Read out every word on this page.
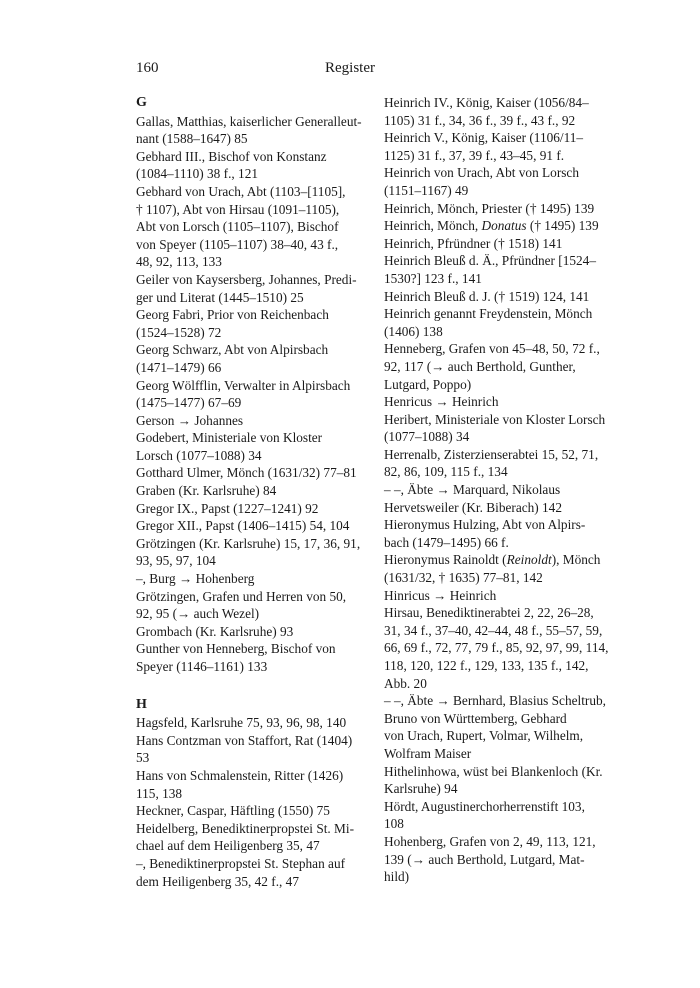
160	Register
G
Gallas, Matthias, kaiserlicher Generalleut-
nant (1588–1647) 85
Gebhard III., Bischof von Konstanz
(1084–1110) 38 f., 121
Gebhard von Urach, Abt (1103–[1105],
† 1107), Abt von Hirsau (1091–1105),
Abt von Lorsch (1105–1107), Bischof
von Speyer (1105–1107) 38–40, 43 f.,
48, 92, 113, 133
Geiler von Kaysersberg, Johannes, Predi-
ger und Literat (1445–1510) 25
Georg Fabri, Prior von Reichenbach
(1524–1528) 72
Georg Schwarz, Abt von Alpirsbach
(1471–1479) 66
Georg Wölfflin, Verwalter in Alpirsbach
(1475–1477) 67–69
Gerson → Johannes
Godebert, Ministeriale von Kloster
Lorsch (1077–1088) 34
Gotthard Ulmer, Mönch (1631/32) 77–81
Graben (Kr. Karlsruhe) 84
Gregor IX., Papst (1227–1241) 92
Gregor XII., Papst (1406–1415) 54, 104
Grötzingen (Kr. Karlsruhe) 15, 17, 36, 91,
93, 95, 97, 104
–, Burg → Hohenberg
Grötzingen, Grafen und Herren von 50,
92, 95 (→ auch Wezel)
Grombach (Kr. Karlsruhe) 93
Gunther von Henneberg, Bischof von
Speyer (1146–1161) 133
H
Hagsfeld, Karlsruhe 75, 93, 96, 98, 140
Hans Contzman von Staffort, Rat (1404)
53
Hans von Schmalenstein, Ritter (1426)
115, 138
Heckner, Caspar, Häftling (1550) 75
Heidelberg, Benediktinerpropstei St. Mi-
chael auf dem Heiligenberg 35, 47
–, Benediktinerpropstei St. Stephan auf
dem Heiligenberg 35, 42 f., 47
Heinrich IV., König, Kaiser (1056/84–
1105) 31 f., 34, 36 f., 39 f., 43 f., 92
Heinrich V., König, Kaiser (1106/11–
1125) 31 f., 37, 39 f., 43–45, 91 f.
Heinrich von Urach, Abt von Lorsch
(1151–1167) 49
Heinrich, Mönch, Priester († 1495) 139
Heinrich, Mönch, Donatus († 1495) 139
Heinrich, Pfründner († 1518) 141
Heinrich Bleuß d. Ä., Pfründner [1524–
1530?] 123 f., 141
Heinrich Bleuß d. J. († 1519) 124, 141
Heinrich genannt Freydenstein, Mönch
(1406) 138
Henneberg, Grafen von 45–48, 50, 72 f.,
92, 117 (→ auch Berthold, Gunther,
Lutgard, Poppo)
Henricus → Heinrich
Heribert, Ministeriale von Kloster Lorsch
(1077–1088) 34
Herrenalb, Zisterzienserabtei 15, 52, 71,
82, 86, 109, 115 f., 134
– –, Äbte → Marquard, Nikolaus
Hervetsweiler (Kr. Biberach) 142
Hieronymus Hulzing, Abt von Alpirs-
bach (1479–1495) 66 f.
Hieronymus Rainoldt (Reinoldt), Mönch
(1631/32, † 1635) 77–81, 142
Hinricus → Heinrich
Hirsau, Benediktinerabtei 2, 22, 26–28,
31, 34 f., 37–40, 42–44, 48 f., 55–57, 59,
66, 69 f., 72, 77, 79 f., 85, 92, 97, 99, 114,
118, 120, 122 f., 129, 133, 135 f., 142,
Abb. 20
– –, Äbte → Bernhard, Blasius Scheltrub,
Bruno von Württemberg, Gebhard
von Urach, Rupert, Volmar, Wilhelm,
Wolfram Maiser
Hithelinhowa, wüst bei Blankenloch (Kr.
Karlsruhe) 94
Hördt, Augustinerchorherrenstift 103,
108
Hohenberg, Grafen von 2, 49, 113, 121,
139 (→ auch Berthold, Lutgard, Mat-
hild)
